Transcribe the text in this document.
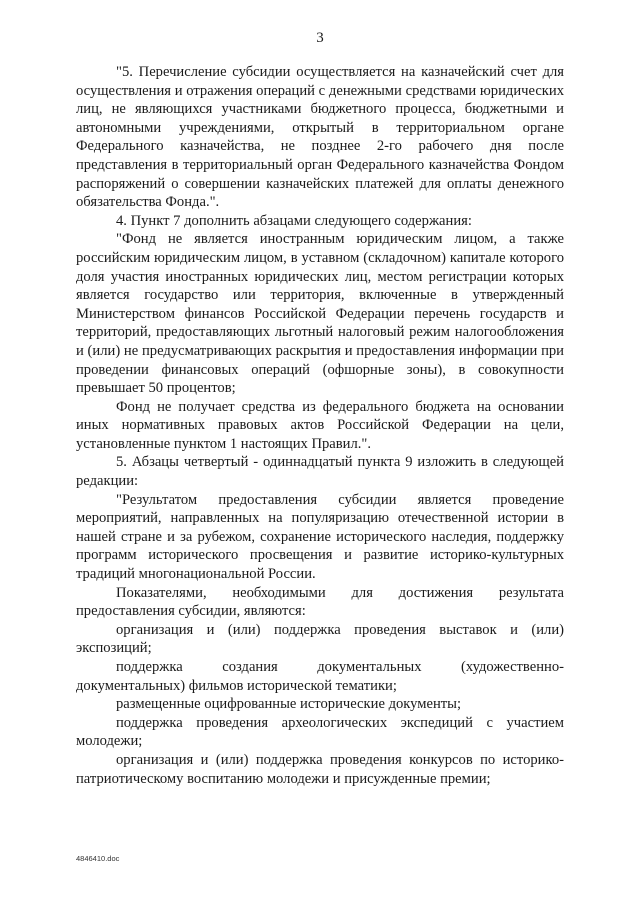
3

"5. Перечисление субсидии осуществляется на казначейский счет для осуществления и отражения операций с денежными средствами юридических лиц, не являющихся участниками бюджетного процесса, бюджетными и автономными учреждениями, открытый в территориальном органе Федерального казначейства, не позднее 2-го рабочего дня после представления в территориальный орган Федерального казначейства Фондом распоряжений о совершении казначейских платежей для оплаты денежного обязательства Фонда.".

4. Пункт 7 дополнить абзацами следующего содержания:

"Фонд не является иностранным юридическим лицом, а также российским юридическим лицом, в уставном (складочном) капитале которого доля участия иностранных юридических лиц, местом регистрации которых является государство или территория, включенные в утвержденный Министерством финансов Российской Федерации перечень государств и территорий, предоставляющих льготный налоговый режим налогообложения и (или) не предусматривающих раскрытия и предоставления информации при проведении финансовых операций (офшорные зоны), в совокупности превышает 50 процентов;

Фонд не получает средства из федерального бюджета на основании иных нормативных правовых актов Российской Федерации на цели, установленные пунктом 1 настоящих Правил.".

5. Абзацы четвертый - одиннадцатый пункта 9 изложить в следующей редакции:

"Результатом предоставления субсидии является проведение мероприятий, направленных на популяризацию отечественной истории в нашей стране и за рубежом, сохранение исторического наследия, поддержку программ исторического просвещения и развитие историко-культурных традиций многонациональной России.

Показателями, необходимыми для достижения результата предоставления субсидии, являются:

организация и (или) поддержка проведения выставок и (или) экспозиций;

поддержка создания документальных (художественно-документальных) фильмов исторической тематики;

размещенные оцифрованные исторические документы;

поддержка проведения археологических экспедиций с участием молодежи;

организация и (или) поддержка проведения конкурсов по историко-патриотическому воспитанию молодежи и присужденные премии;

4846410.doc
